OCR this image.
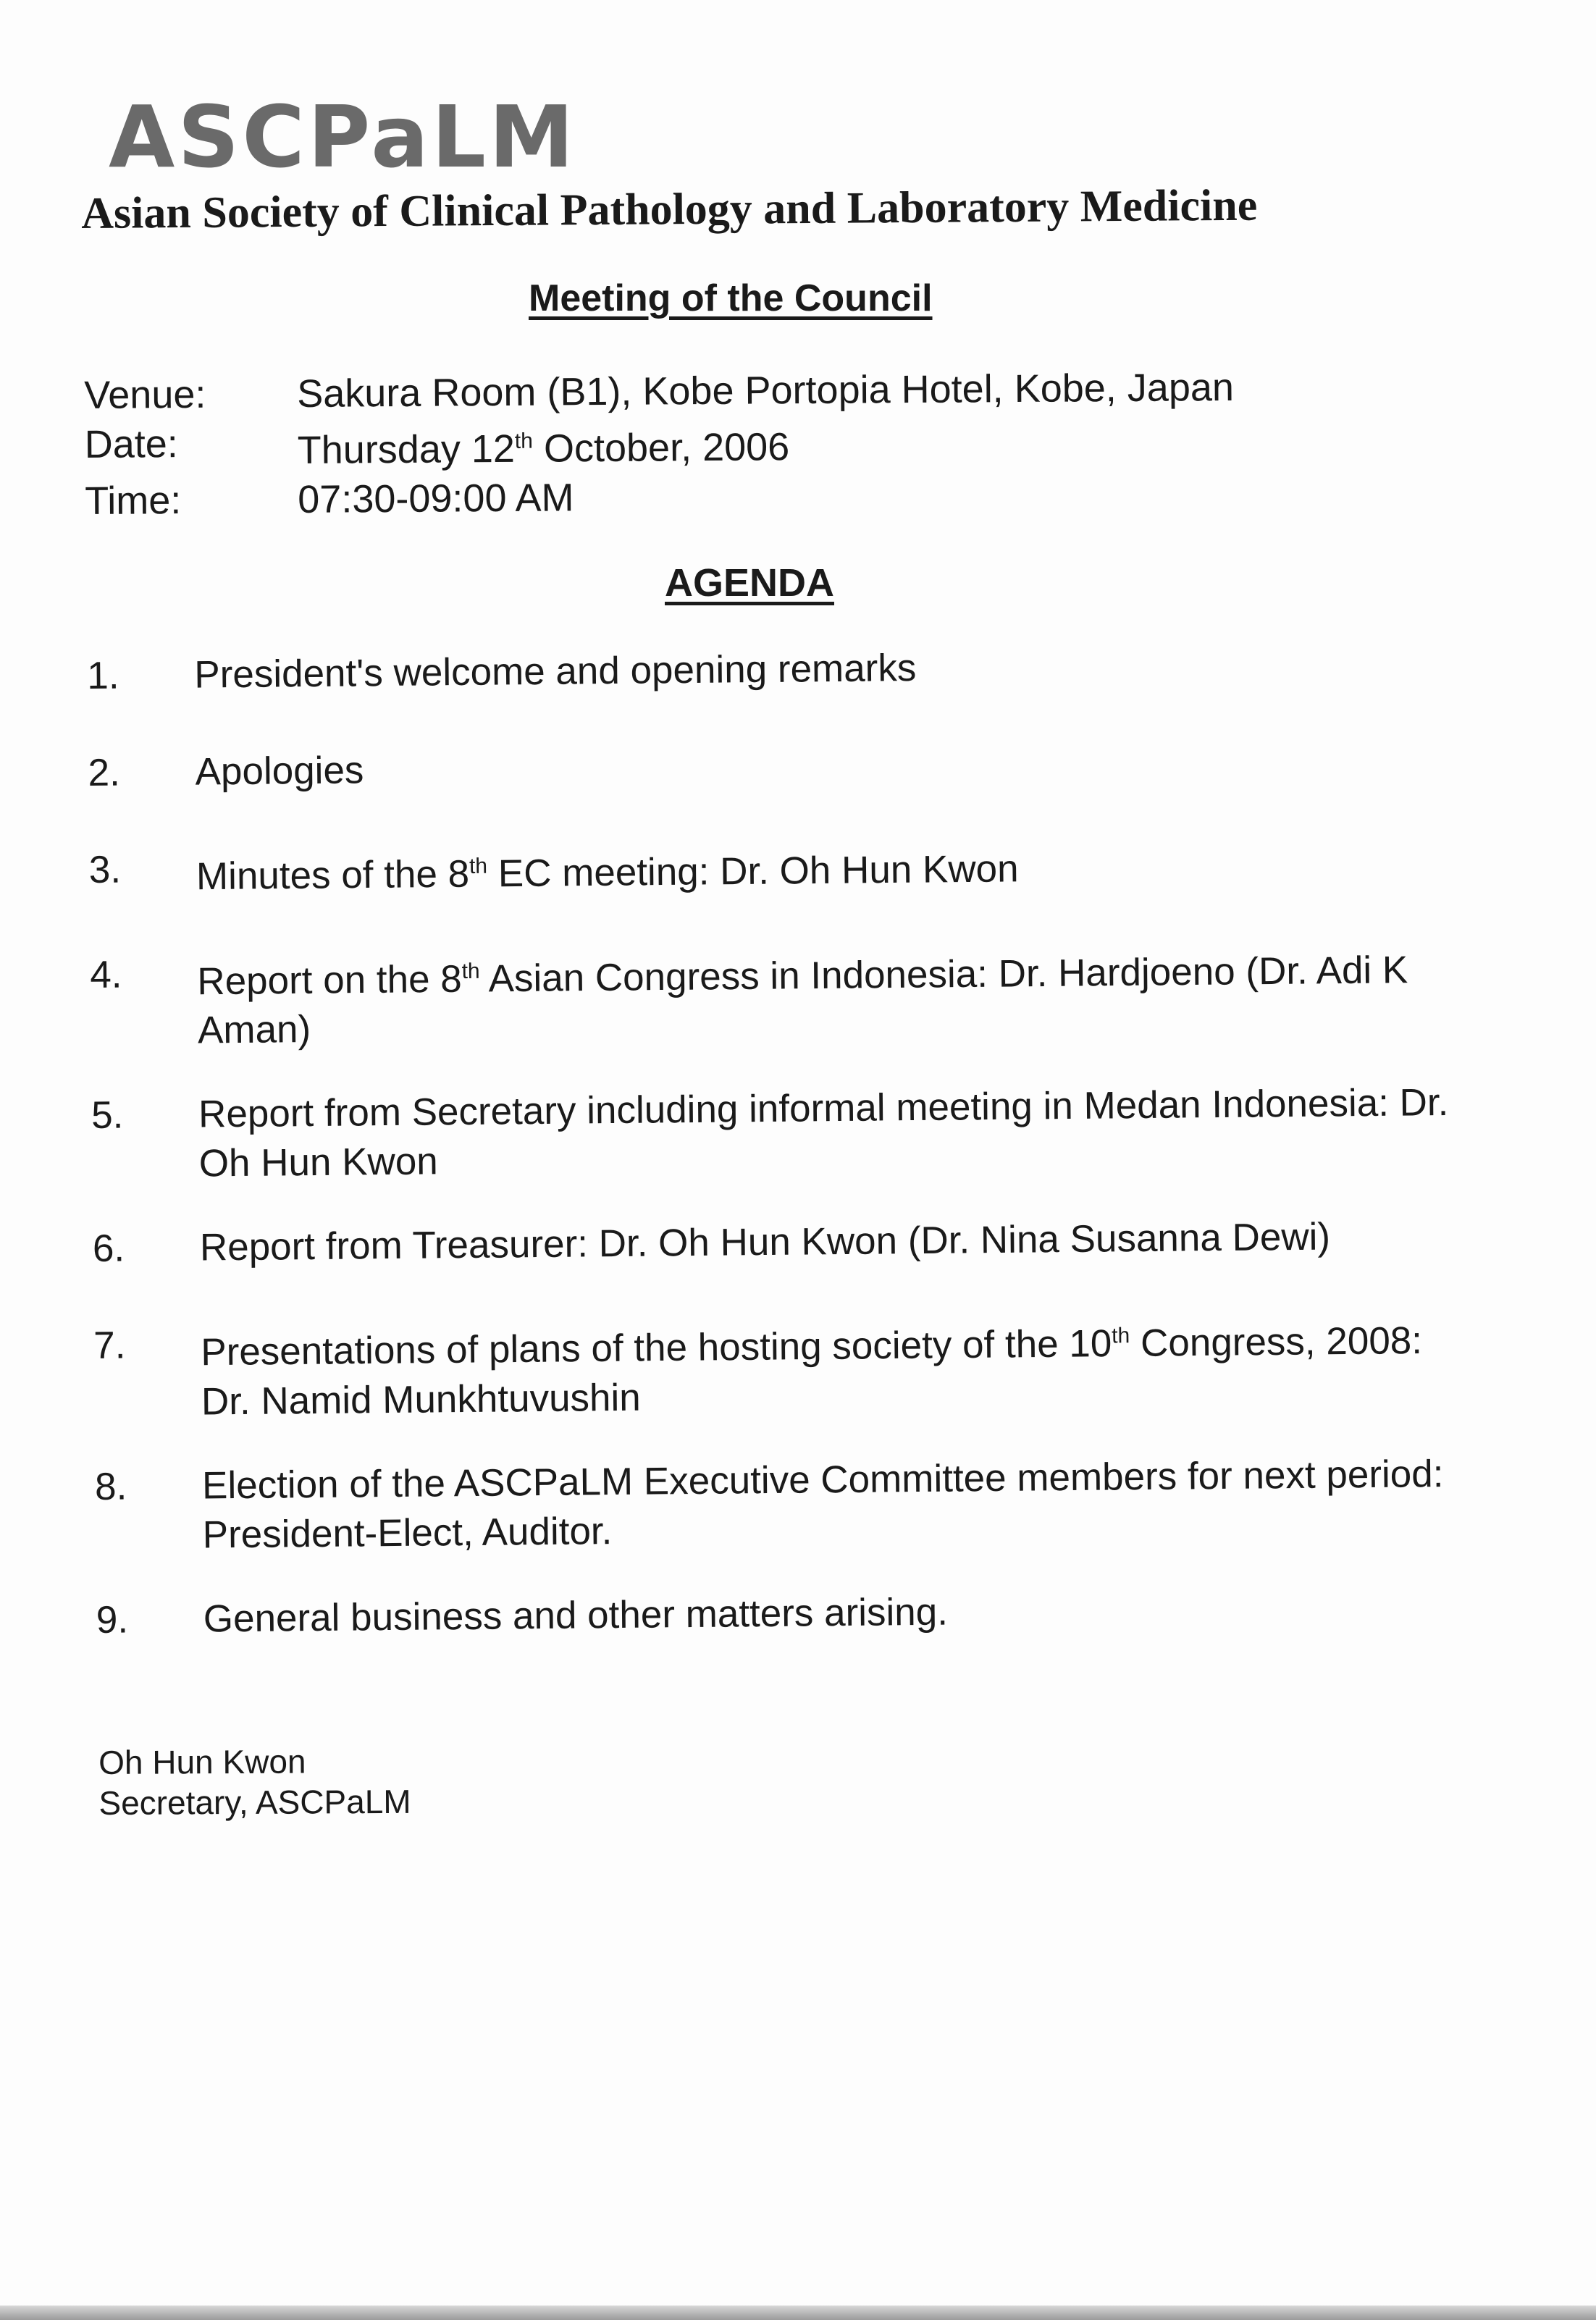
ASCPaLM
Asian Society of Clinical Pathology and Laboratory Medicine
Meeting of the Council
Venue:	Sakura Room (B1), Kobe Portopia Hotel, Kobe, Japan
Date:	Thursday 12th October, 2006
Time:	07:30-09:00 AM
AGENDA
1.	President's welcome and opening remarks
2.	Apologies
3.	Minutes of the 8th EC meeting: Dr. Oh Hun Kwon
4.	Report on the 8th Asian Congress in Indonesia: Dr. Hardjoeno (Dr. Adi K Aman)
5.	Report from Secretary including informal meeting in Medan Indonesia: Dr. Oh Hun Kwon
6.	Report from Treasurer: Dr. Oh Hun Kwon (Dr. Nina Susanna Dewi)
7.	Presentations of plans of the hosting society of the 10th Congress, 2008: Dr. Namid Munkhtuvushin
8.	Election of the ASCPaLM Executive Committee members for next period: President-Elect, Auditor.
9.	General business and other matters arising.
Oh Hun Kwon
Secretary, ASCPaLM
